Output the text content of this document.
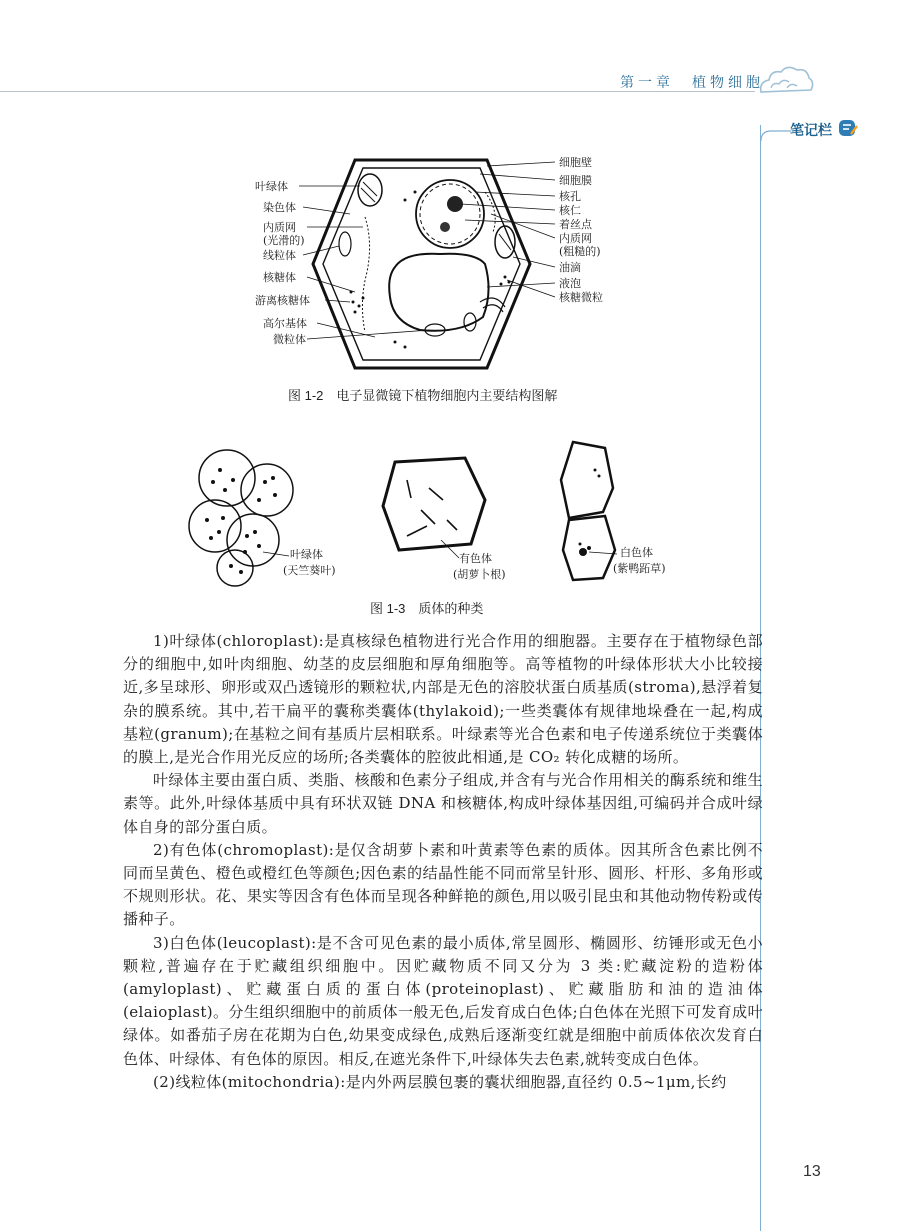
第一章　植物细胞
笔记栏
叶绿体
染色体
内质网
(光滑的)
线粒体
核糖体
游离核糖体
高尔基体
微粒体
细胞壁
细胞膜
核孔
核仁
着丝点
内质网
(粗糙的)
油滴
液泡
核糖微粒
图 1-2　电子显微镜下植物细胞内主要结构图解
叶绿体
(天竺葵叶)
有色体
(胡萝卜根)
白色体
(紫鸭跖草)
图 1-3　质体的种类

1)叶绿体(chloroplast):是真核绿色植物进行光合作用的细胞器。主要存在于植物绿色部分的细胞中,如叶肉细胞、幼茎的皮层细胞和厚角细胞等。高等植物的叶绿体形状大小比较接近,多呈球形、卵形或双凸透镜形的颗粒状,内部是无色的溶胶状蛋白质基质(stroma),悬浮着复杂的膜系统。其中,若干扁平的囊称类囊体(thylakoid);一些类囊体有规律地垛叠在一起,构成基粒(granum);在基粒之间有基质片层相联系。叶绿素等光合色素和电子传递系统位于类囊体的膜上,是光合作用光反应的场所;各类囊体的腔彼此相通,是 CO₂ 转化成糖的场所。

叶绿体主要由蛋白质、类脂、核酸和色素分子组成,并含有与光合作用相关的酶系统和维生素等。此外,叶绿体基质中具有环状双链 DNA 和核糖体,构成叶绿体基因组,可编码并合成叶绿体自身的部分蛋白质。

2)有色体(chromoplast):是仅含胡萝卜素和叶黄素等色素的质体。因其所含色素比例不同而呈黄色、橙色或橙红色等颜色;因色素的结晶性能不同而常呈针形、圆形、杆形、多角形或不规则形状。花、果实等因含有色体而呈现各种鲜艳的颜色,用以吸引昆虫和其他动物传粉或传播种子。

3)白色体(leucoplast):是不含可见色素的最小质体,常呈圆形、椭圆形、纺锤形或无色小颗粒,普遍存在于贮藏组织细胞中。因贮藏物质不同又分为 3 类:贮藏淀粉的造粉体(amyloplast)、贮藏蛋白质的蛋白体(proteinoplast)、贮藏脂肪和油的造油体(elaioplast)。分生组织细胞中的前质体一般无色,后发育成白色体;白色体在光照下可发育成叶绿体。如番茄子房在花期为白色,幼果变成绿色,成熟后逐渐变红就是细胞中前质体依次发育白色体、叶绿体、有色体的原因。相反,在遮光条件下,叶绿体失去色素,就转变成白色体。

(2)线粒体(mitochondria):是内外两层膜包裹的囊状细胞器,直径约 0.5~1μm,长约

13
